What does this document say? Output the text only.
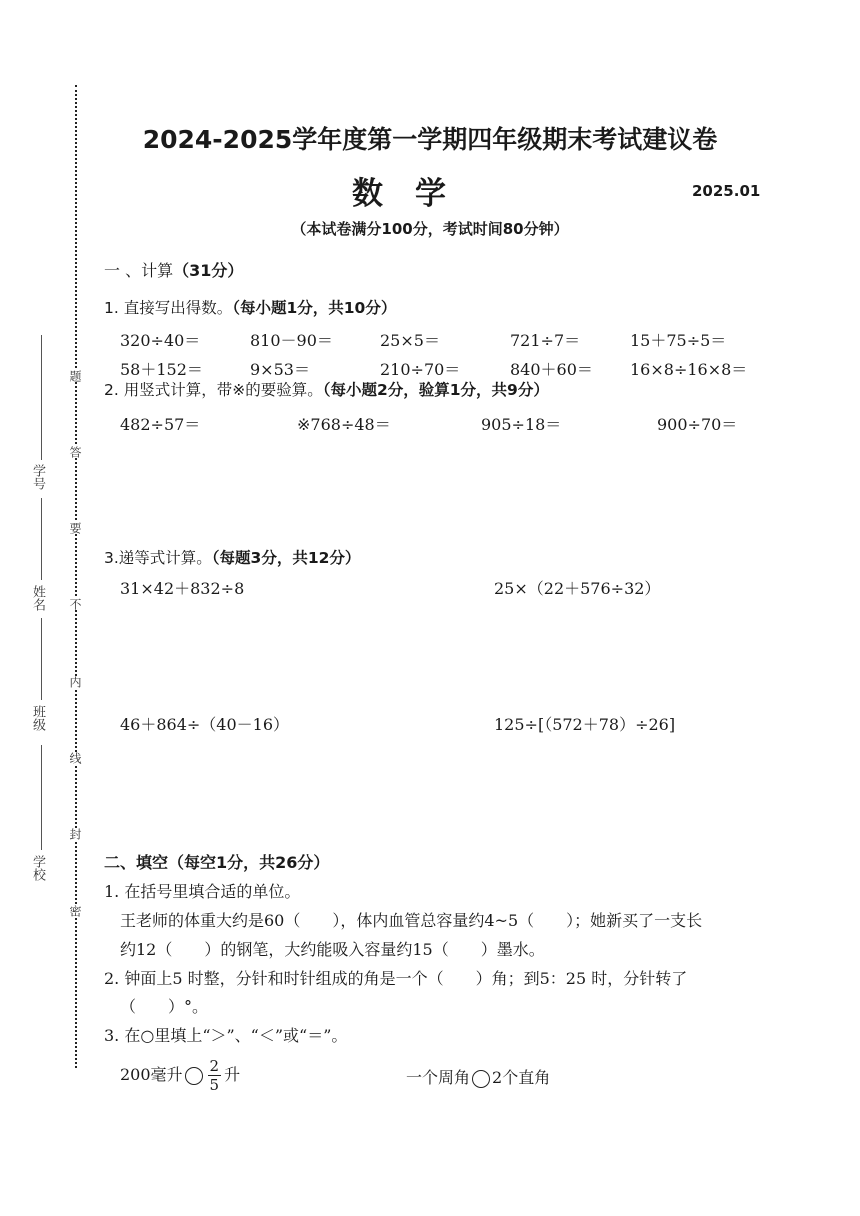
学号
姓名
班级
学校
密
封
线
内
不
要
答
题
2024-2025学年度第一学期四年级期末考试建议卷
数学	2025.01
（本试卷满分100分，考试时间80分钟）
一 、计算（31分）
1. 直接写出得数。（每小题1分，共10分）
320÷40＝	810－90＝	25×5＝	721÷7＝	15＋75÷5＝
58＋152＝	9×53＝	210÷70＝	840＋60＝ 16×8÷16×8＝
2. 用竖式计算，带※的要验算。（每小题2分，验算1分，共9分）
482÷57＝	※768÷48＝	905÷18＝	900÷70＝
3.递等式计算。（每题3分，共12分）
31×42＋832÷8	25×（22＋576÷32）
46＋864÷（40－16）	125÷[（572＋78）÷26]
二、填空（每空1分，共26分）
1. 在括号里填合适的单位。
王老师的体重大约是60（　　），体内血管总容量约4~5（　　）；她新买了一支长
约12（　　）的钢笔，大约能吸入容量约15（　　）墨水。
2. 钟面上5 时整，分针和时针组成的角是一个（　　）角；到5：25 时，分针转了
（　　）°。
3. 在○里填上“＞”、“＜”或“＝”。
200毫升 $\frac{2}{5}$ 升	一个周角 2个直角
